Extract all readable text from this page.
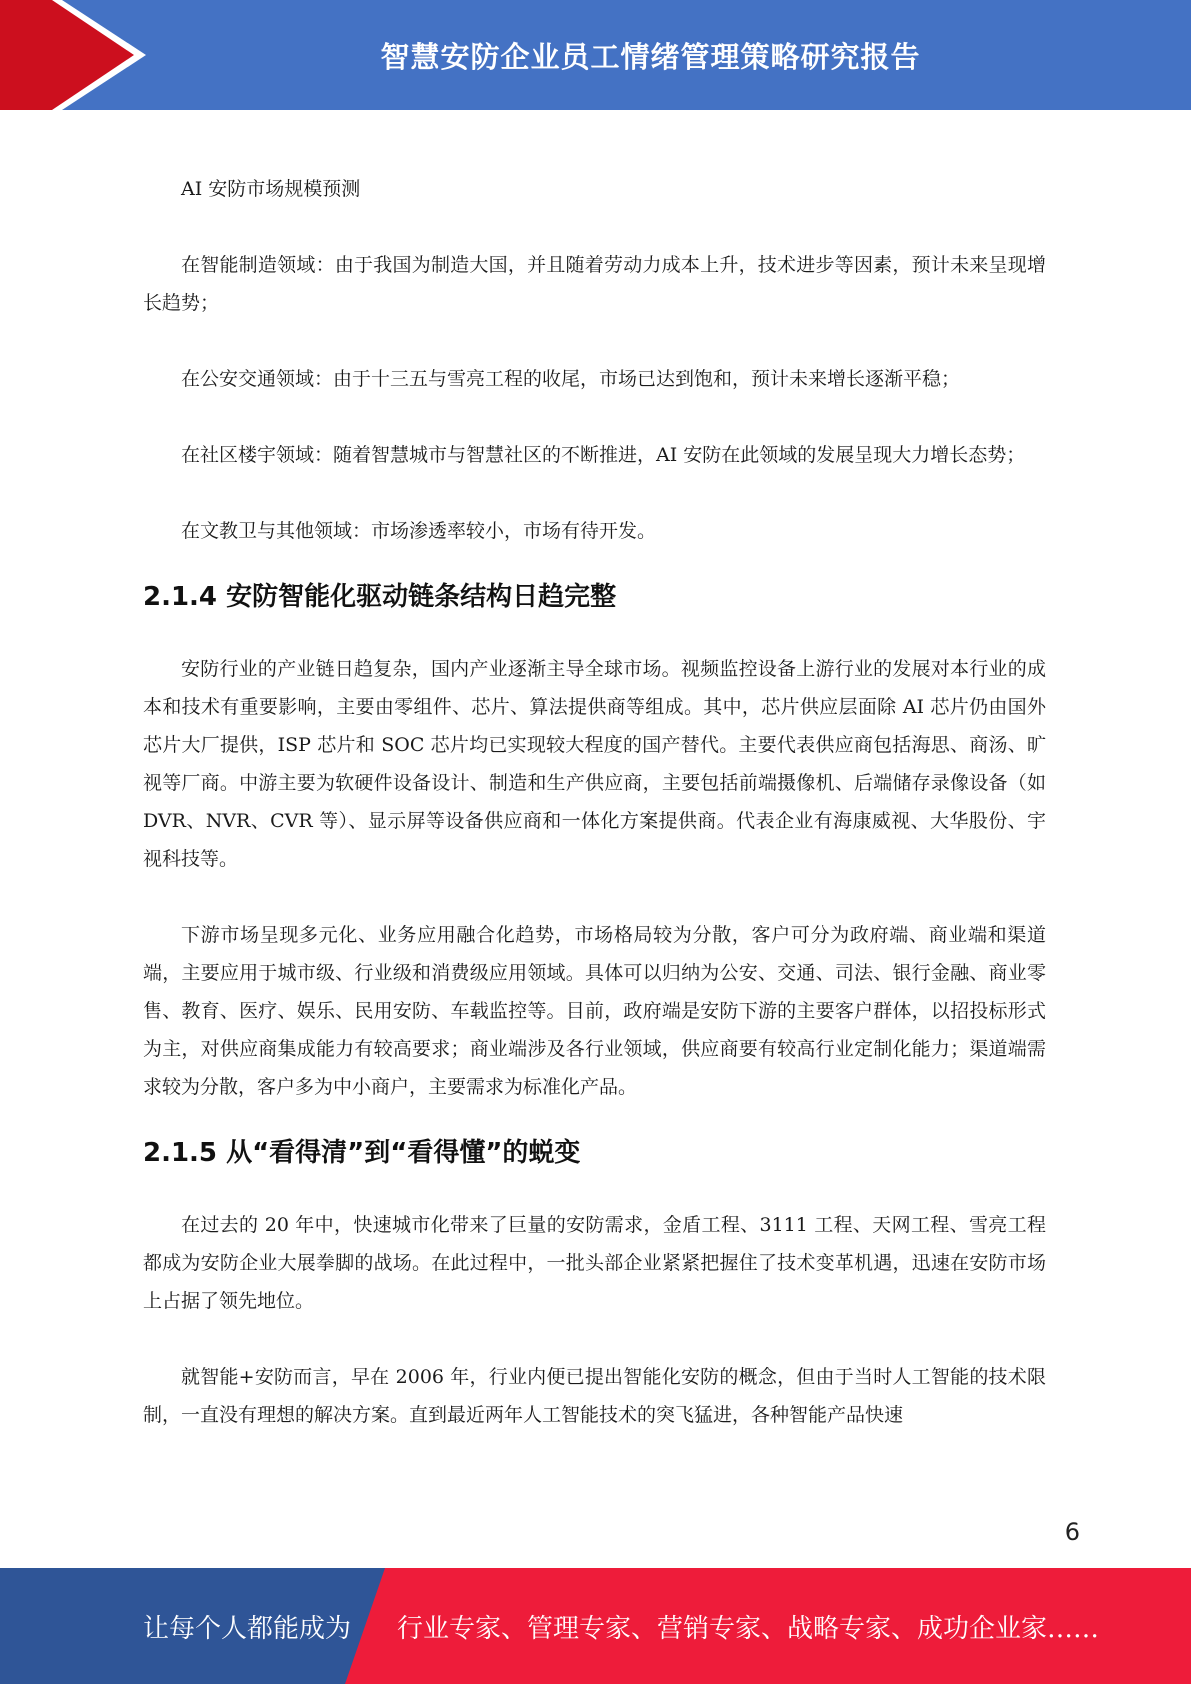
智慧安防企业员工情绪管理策略研究报告

AI 安防市场规模预测

在智能制造领域：由于我国为制造大国，并且随着劳动力成本上升，技术进步等因素，预计未来呈现增长趋势；

在公安交通领域：由于十三五与雪亮工程的收尾，市场已达到饱和，预计未来增长逐渐平稳；

在社区楼宇领域：随着智慧城市与智慧社区的不断推进，AI 安防在此领域的发展呈现大力增长态势；

在文教卫与其他领域：市场渗透率较小，市场有待开发。

2.1.4 安防智能化驱动链条结构日趋完整

安防行业的产业链日趋复杂，国内产业逐渐主导全球市场。视频监控设备上游行业的发展对本行业的成本和技术有重要影响，主要由零组件、芯片、算法提供商等组成。其中，芯片供应层面除 AI 芯片仍由国外芯片大厂提供，ISP 芯片和 SOC 芯片均已实现较大程度的国产替代。主要代表供应商包括海思、商汤、旷视等厂商。中游主要为软硬件设备设计、制造和生产供应商，主要包括前端摄像机、后端储存录像设备（如 DVR、NVR、CVR 等）、显示屏等设备供应商和一体化方案提供商。代表企业有海康威视、大华股份、宇视科技等。

下游市场呈现多元化、业务应用融合化趋势，市场格局较为分散，客户可分为政府端、商业端和渠道端，主要应用于城市级、行业级和消费级应用领域。具体可以归纳为公安、交通、司法、银行金融、商业零售、教育、医疗、娱乐、民用安防、车载监控等。目前，政府端是安防下游的主要客户群体，以招投标形式为主，对供应商集成能力有较高要求；商业端涉及各行业领域，供应商要有较高行业定制化能力；渠道端需求较为分散，客户多为中小商户，主要需求为标准化产品。

2.1.5 从“看得清”到“看得懂”的蜕变

在过去的 20 年中，快速城市化带来了巨量的安防需求，金盾工程、3111 工程、天网工程、雪亮工程都成为安防企业大展拳脚的战场。在此过程中，一批头部企业紧紧把握住了技术变革机遇，迅速在安防市场上占据了领先地位。

就智能+安防而言，早在 2006 年，行业内便已提出智能化安防的概念，但由于当时人工智能的技术限制，一直没有理想的解决方案。直到最近两年人工智能技术的突飞猛进，各种智能产品快速

6
让每个人都能成为 行业专家、管理专家、营销专家、战略专家、成功企业家……
